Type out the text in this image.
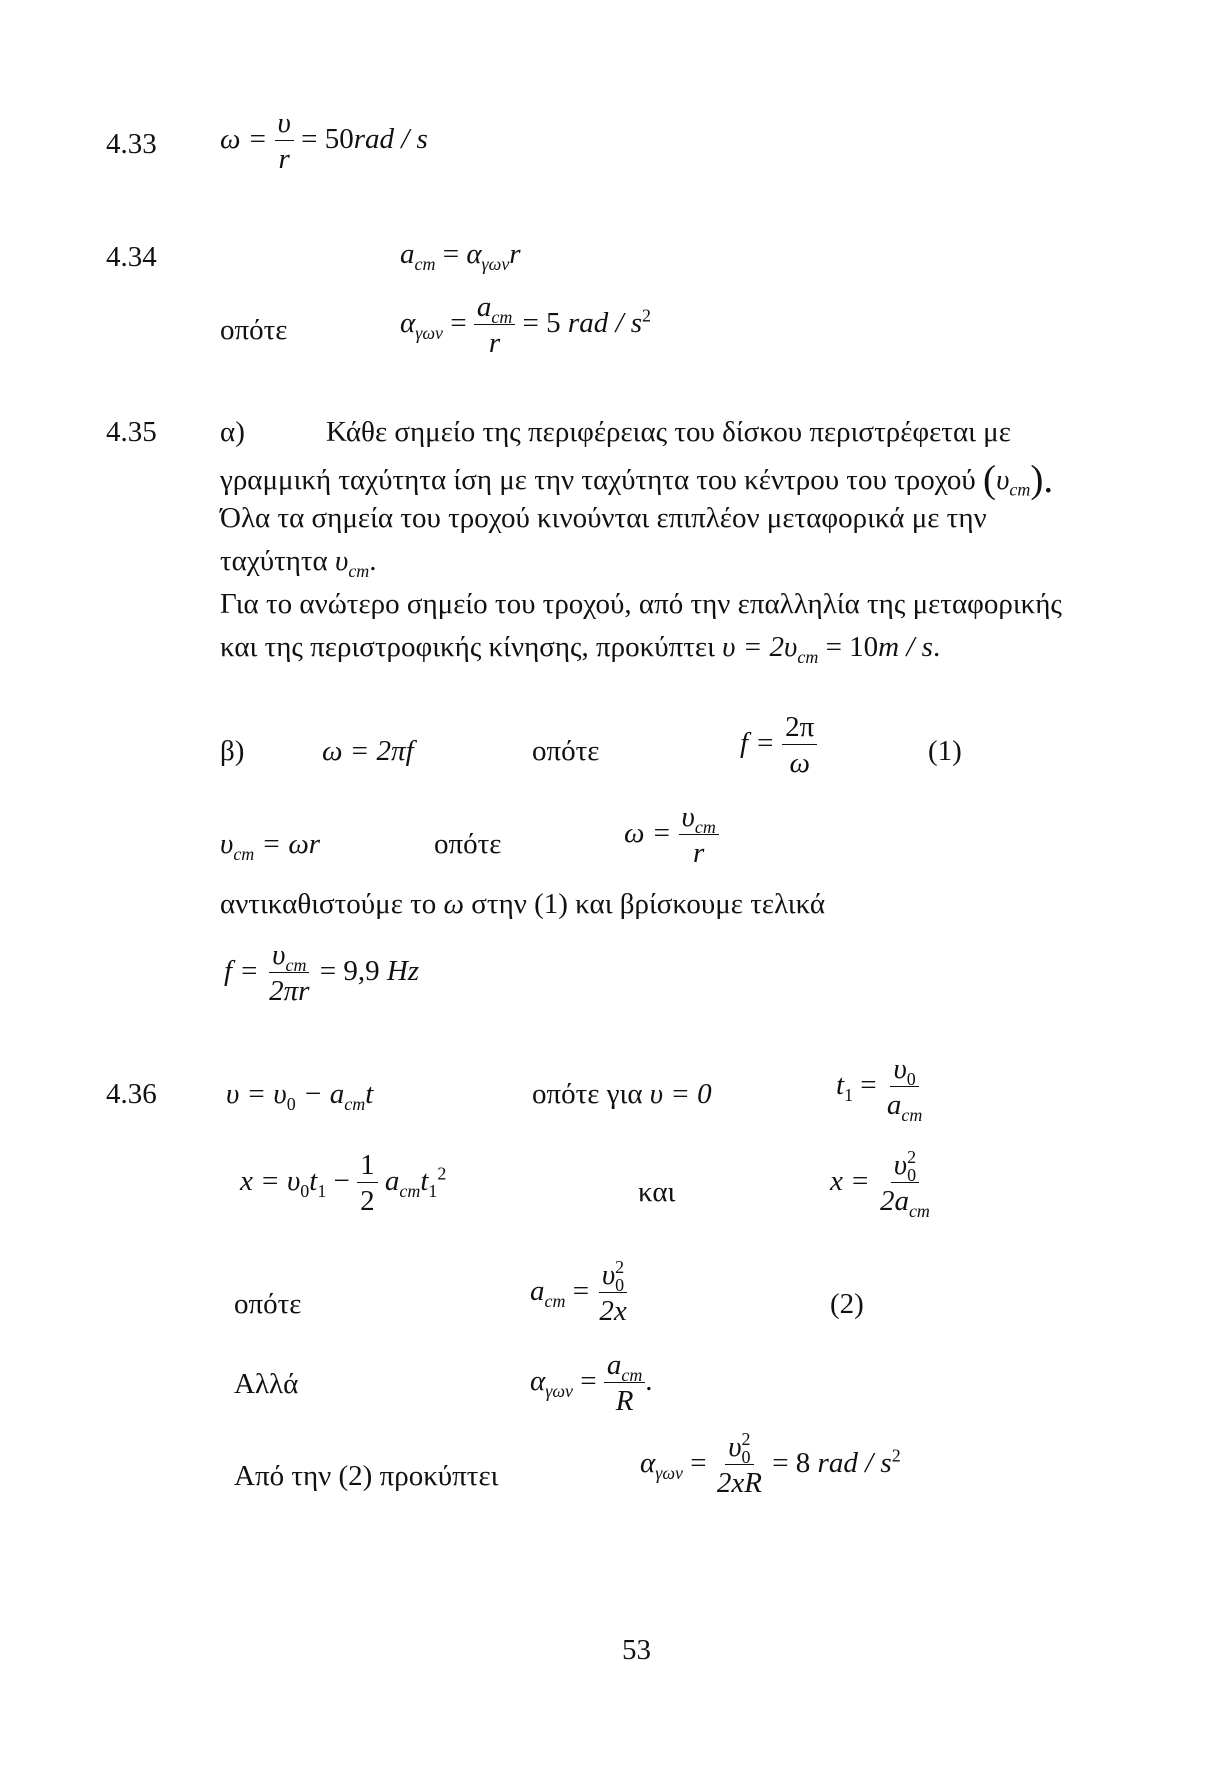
4.33 $\omega = \frac{\upsilon}{r} = 50rad / s$
4.34	$a_{cm} = \alpha_{\gamma\omega\nu}r$
οπότε	$\alpha_{\gamma\omega\nu} = \frac{a_{cm}}{r} = 5$ rad / $s^2$
4.35 α)	Κάθε σημείο της περιφέρειας του δίσκου περιστρέφεται με
γραμμική ταχύτητα ίση με την ταχύτητα του κέντρου του τροχού $(\upsilon_{cm})$.
Όλα τα σημεία του τροχού κινούνται επιπλέον μεταφορικά με την
ταχύτητα $\upsilon_{cm}$.
Για το ανώτερο σημείο του τροχού, από την επαλληλία της μεταφορικής
και της περιστροφικής κίνησης, προκύπτει $\upsilon = 2\upsilon_{cm} = 10m / s$.
β)	ω = 2πf	οπότε	$f = \frac{2\pi}{\omega}$	(1)
$\upsilon_{cm} = \omega r$	οπότε	$\omega = \frac{\upsilon_{cm}}{r}$
αντικαθιστούμε το ω στην (1) και βρίσκουμε τελικά
$f = \frac{\upsilon_{cm}}{2\pi r} = 9,9$ Hz
4.36 $\upsilon = \upsilon_0 - a_{cm}t$	οπότε για υ = 0	$t_1 = \frac{\upsilon_0}{a_{cm}}$
$x = \upsilon_0t_1 - \frac{1}{2} a_{cm}t_1^2$
και	$x = \frac{\upsilon^2_0}{2a_{cm}}$
οπότε	$a_{cm} = \frac{\upsilon^2_0}{2x}$	(2)
Αλλά	$\alpha_{\gamma\omega\nu} = \frac{a_{cm}}{R}$ .
Από την (2) προκύπτει	$\alpha_{\gamma\omega\nu} = \frac{\upsilon^2_0}{2xR} = 8$ rad / $s^2$
53
